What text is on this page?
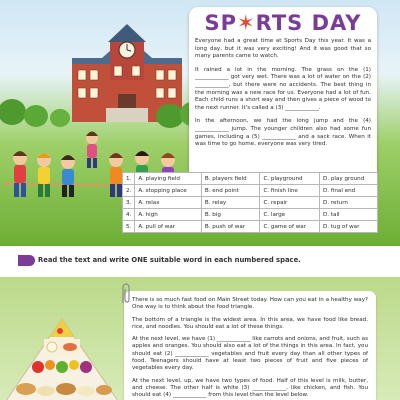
SP✶RTS DAY

Everyone had a great time at Sports Day this year. It was a long day, but it was very exciting! And it was good that so many parents came to watch.

It rained a lot in the morning. The grass on the (1) ____________ got very wet. There was a lot of water on the (2) ____________, but there were no accidents. The best thing in the morning was a new race for us. Everyone had a lot of fun. Each child runs a short way and then gives a piece of wood to the next runner. It's called a (3) ____________.

In the afternoon, we had the long jump and the (4) ____________ jump. The younger children also had some fun games, including a (5) ____________ and a sack race. When it was time to go home, everyone was very tired.

1.	A. playing field	B. players field	C. playground	D. play ground
2.	A. stopping place	B. end point	C. finish line	D. final end
3.	A. relax	B. relay	C. repair	D. return
4.	A. high	B. big	C. large	D. tall
5.	A. pull of war	B. push of war	C. game of war	D. tug of war
Read the text and write ONE suitable word in each numbered space.

There is so much fast food on Main Street today. How can you eat in a healthy way? One way is to think about the food triangle.

The bottom of a triangle is the widest area. In this area, we have food like bread, rice, and noodles. You should eat a lot of these things.

At the next level, we have (1) ____________ like carrots and onions, and fruit, such as apples and oranges. You should also eat a lot of the things in this area. In fact, you should eat (2) ____________ vegetables and fruit every day than all other types of food. Teenagers should have at least two pieces of fruit and five pieces of vegetables every day.

At the next level, up, we have two types of food. Half of this level is milk, butter, and cheese. The other half is white (3) ____________, like chicken, and fish. You should eat (4) ____________ from this level than the level below.
